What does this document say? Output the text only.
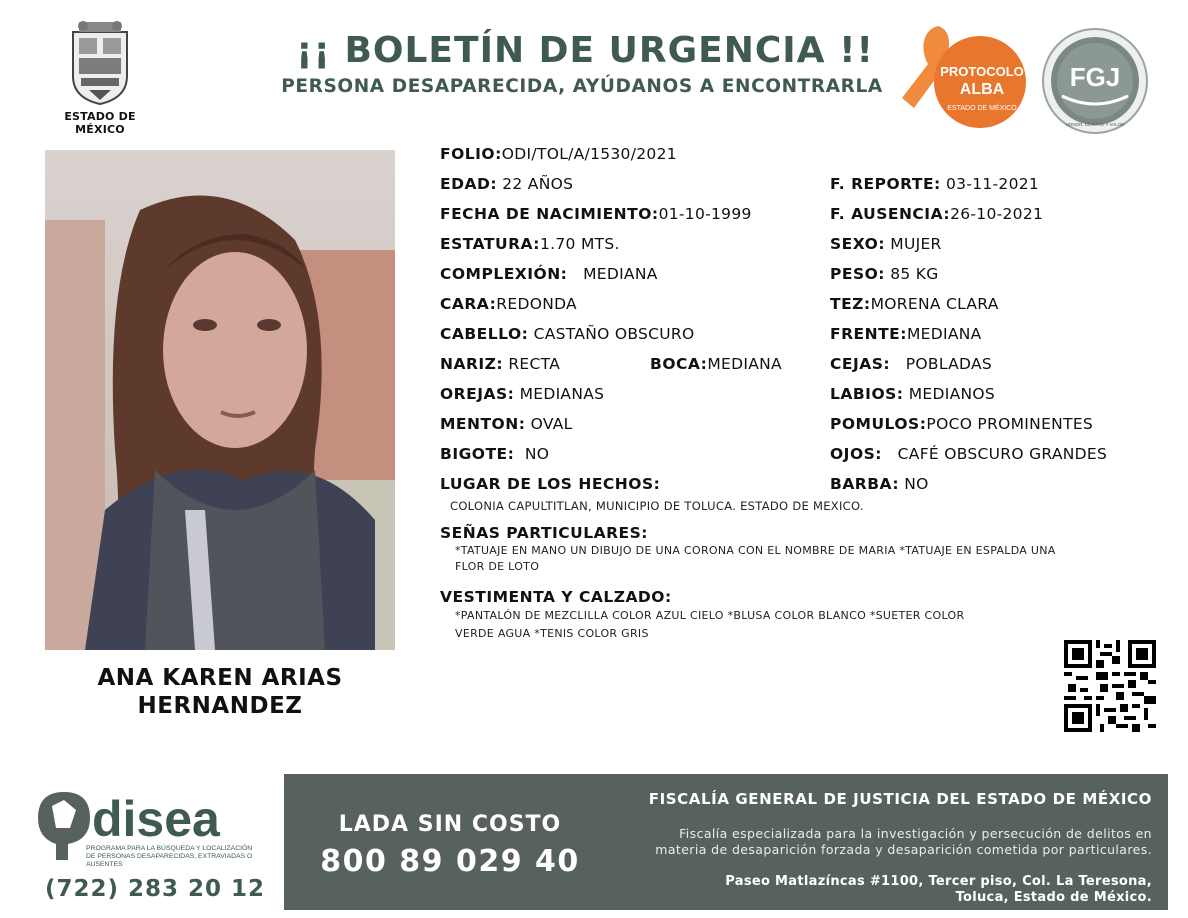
ESTADO DE MÉXICO
¡¡ BOLETÍN DE URGENCIA !!
PERSONA DESAPARECIDA, AYÚDANOS A ENCONTRARLA
PROTOCOLO
ALBA
ESTADO DE MÉXICO
FGJ
HONOR, LEALTAD Y VALOR
ANA KAREN ARIAS HERNANDEZ
FOLIO:ODI/TOL/A/1530/2021
EDAD: 22 AÑOS	F. REPORTE: 03-11-2021
FECHA DE NACIMIENTO:01-10-1999	F. AUSENCIA:26-10-2021
ESTATURA:1.70 MTS.	SEXO: MUJER
COMPLEXIÓN: MEDIANA	PESO: 85 KG
CARA:REDONDA	TEZ:MORENA CLARA
CABELLO: CASTAÑO OBSCURO	FRENTE:MEDIANA
NARIZ: RECTA	BOCA:MEDIANA	CEJAS: POBLADAS
OREJAS: MEDIANAS	LABIOS: MEDIANOS
MENTON: OVAL	POMULOS:POCO PROMINENTES
BIGOTE: NO	OJOS: CAFÉ OBSCURO GRANDES
LUGAR DE LOS HECHOS:	BARBA: NO
COLONIA CAPULTITLAN, MUNICIPIO DE TOLUCA. ESTADO DE MEXICO.
SEÑAS PARTICULARES:
*TATUAJE EN MANO UN DIBUJO DE UNA CORONA CON EL NOMBRE DE MARIA *TATUAJE EN ESPALDA UNA
FLOR DE LOTO
VESTIMENTA Y CALZADO:
*PANTALÓN DE MEZCLILLA COLOR AZUL CIELO *BLUSA COLOR BLANCO *SUETER COLOR
VERDE AGUA *TENIS COLOR GRIS
disea
PROGRAMA PARA LA BÚSQUEDA Y LOCALIZACIÓN
DE PERSONAS DESAPARECIDAS, EXTRAVIADAS O
AUSENTES
(722) 283 20 12
LADA SIN COSTO
800 89 029 40
FISCALÍA GENERAL DE JUSTICIA DEL ESTADO DE MÉXICO
Fiscalía especializada para la investigación y persecución de delitos en
materia de desaparición forzada y desaparición cometida por particulares.
Paseo Matlazíncas #1100, Tercer piso, Col. La Teresona,
Toluca, Estado de México.
